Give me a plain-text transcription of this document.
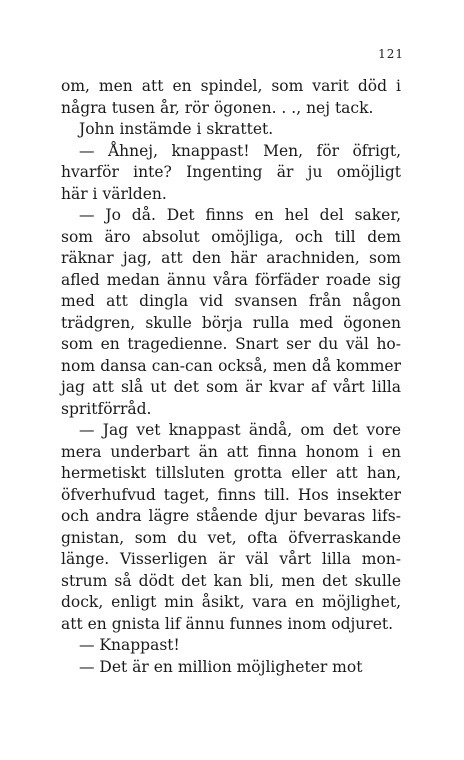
121
om, men att en spindel, som varit död i
några tusen år, rör ögonen. . ., nej tack.
John instämde i skrattet.
— Åhnej, knappast! Men, för öfrigt,
hvarför inte? Ingenting är ju omöjligt
här i världen.
— Jo då. Det finns en hel del saker,
som äro absolut omöjliga, och till dem
räknar jag, att den här arachniden, som
afled medan ännu våra förfäder roade sig
med att dingla vid svansen från någon
trädgren, skulle börja rulla med ögonen
som en tragedienne. Snart ser du väl ho-
nom dansa can-can också, men då kommer
jag att slå ut det som är kvar af vårt lilla
spritförråd.
— Jag vet knappast ändå, om det vore
mera underbart än att finna honom i en
hermetiskt tillsluten grotta eller att han,
öfverhufvud taget, finns till. Hos insekter
och andra lägre stående djur bevaras lifs-
gnistan, som du vet, ofta öfverraskande
länge. Visserligen är väl vårt lilla mon-
strum så dödt det kan bli, men det skulle
dock, enligt min åsikt, vara en möjlighet,
att en gnista lif ännu funnes inom odjuret.
— Knappast!
— Det är en million möjligheter mot
